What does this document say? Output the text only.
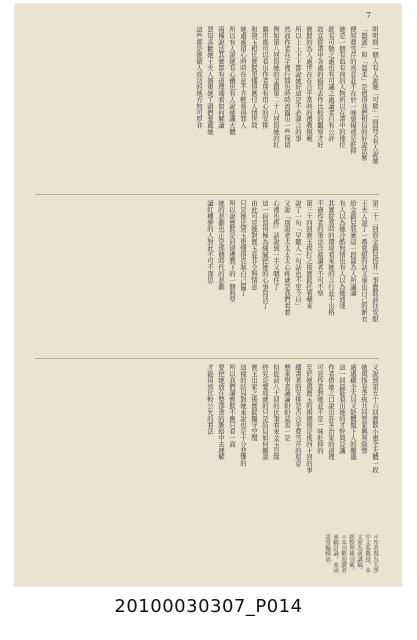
7
明明問一個人有人說她「可敬」「問問又有人說她
「賢淑」和「溫柔」是值得我們相信的好說法麼
便知曹雪芹的真意並不在於一味褒揚或是貶抑
她是一個有血有肉的人物所以在書中的地位
既有可敬之處也有可議之處讀者自有公評
故宜從書中各處的描寫去作比較的觀察才好
寶釵的為人處世在在合乎當時的禮教規範
所以上上下下都說她好這是不必諱言的事
然而作者在字裡行間也時時流露出一些保留
例如第八回寫她的金鎖第二十八回寫她的紅
麝串都可以看出作者別有用心的安排
和黛玉相比寶釵更懂得應付人情世故
她處處留心時時在意不肯輕易得罪人
所以有人說她有心機也有人說她識大體
兩種說法其實都有道理端看如何解讀
賈母喜歡她王夫人器重她丫頭們愛戴她
這些都是她做人成功的地方無可厚非
第三十二回寫金釧兒投井一事寶釵前往安慰
王夫人說了一番寬慰的話又拿出自己的新衣
給金釧兒裝裹這一段最為人所議論
有人以為她冷酷無情也有人以為她通達
其實從當時的環境看來她的言行並不出格
不過作者的筆法含蓄讀者不可不察
第三十四回寶玉挨打之後寶釵托着藥來
說了一句「早聽人一句話也不至今日」
又說「別說老太太太太心疼就是我們看着
心裡也疼」話說到一半又咽住了
這一段寫得極為細膩把她的心事寫活了
由此可見她對寶玉並非全無情意
只是她比黛玉更懂得克制自己罷了
所以說寶釵是封建禮教下的一個典型
她的悲劇也正是那個時代的悲劇
讀紅樓夢的人對此不可不深思
又說到第五十六回寶釵小惠全大體一段
她與探春李紈共同管家興利除弊
處處顧全大局又能體恤下人的難處
這一回最能看出她的才幹與見識
作者借她之口說出許多治家的道理
可見作者對她並不是一味貶抑的
至於她與寶玉的婚姻則是後四十回的事
續書者的安排是否合乎曹雪芹的原意
歷來學者議論紛紛莫衷一是
但從前八十回的伏筆看來金玉良緣
終究是要成就的只是結局如何難說
寶玉出家之後寶釵獨守空閨
這樣的結局對她來說也是十分悲慘的
所以我們讀寶釵不應只看一面
要把她放在整部書的脈絡中去理解
才能得到比較公允的看法
＊作者現為大學中文系教授，本文原為演講稿，經整理後刊載。
＊本刊歡迎讀者來稿討論，來函請寄編輯部。
20100030307_P014
